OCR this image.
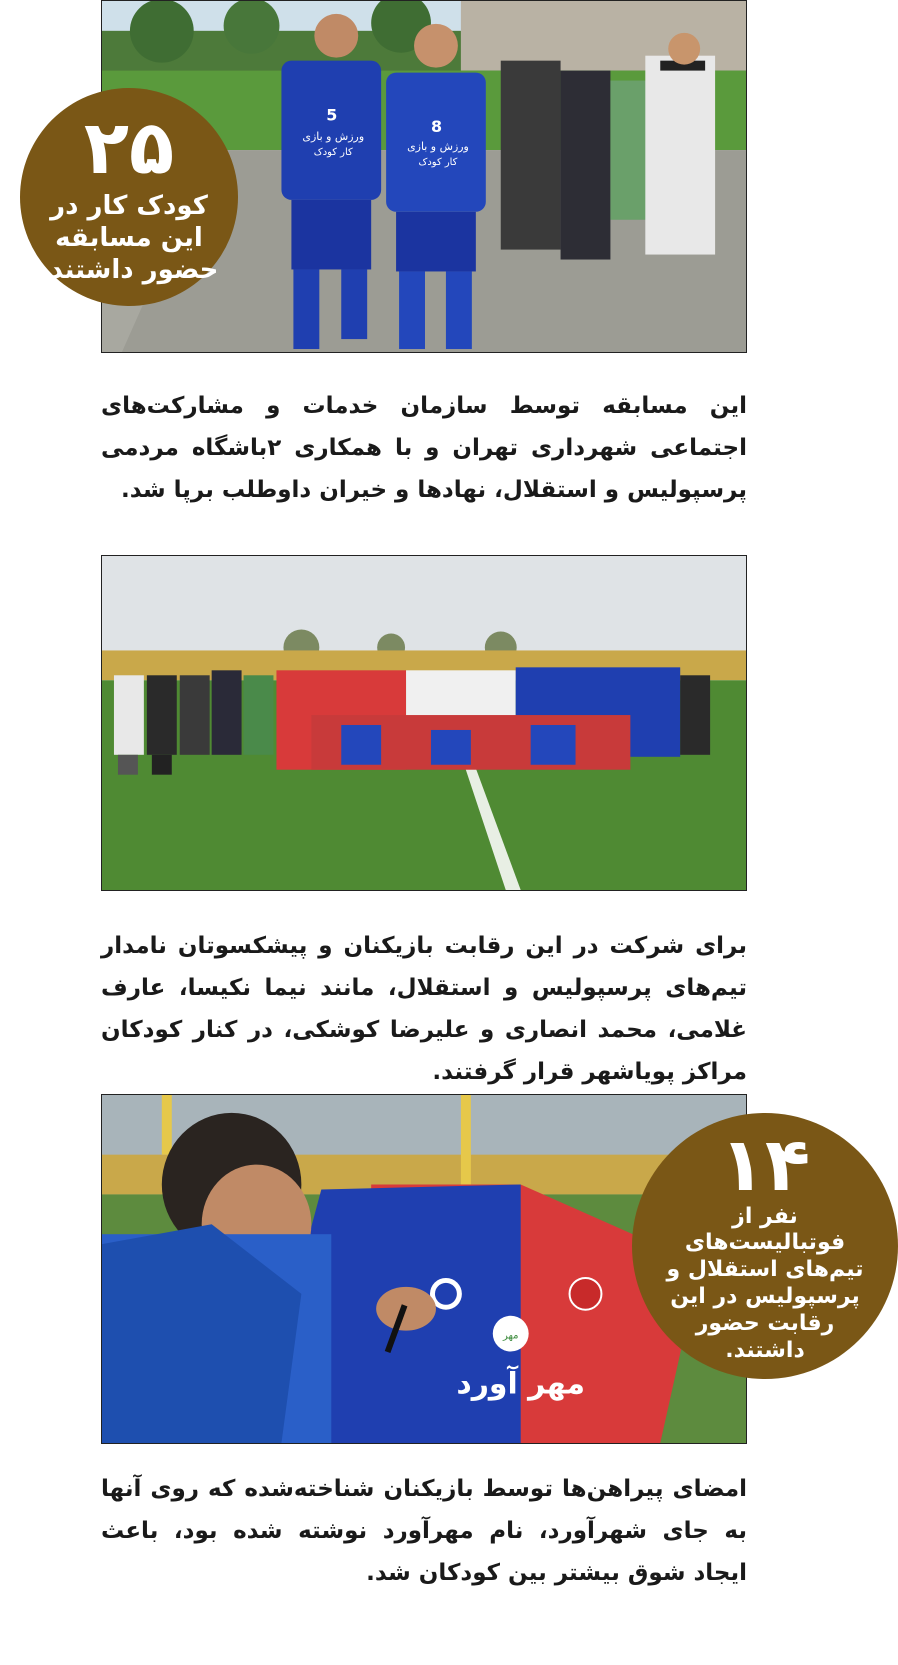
5
ورزش و بازی
کار کودک
8
ورزش و بازی
کار کودک
۲۵
کودک کار در این مسابقه حضور داشتند.
این مسابقه توسط سازمان خدمات و مشارکت‌های اجتماعی شهرداری تهران و با همکاری ۲باشگاه مردمی پرسپولیس و استقلال، نهادها و خیران داوطلب برپا شد.
برای شرکت در این رقابت بازیکنان و پیشکسوتان نامدار تیم‌های پرسپولیس و استقلال، مانند نیما نکیسا، عارف غلامی، محمد انصاری و علیرضا کوشکی، در کنار کودکان مراکز پویاشهر قرار گرفتند.
مهر
مهر آورد
۱۴
نفر از فوتبالیست‌های تیم‌های استقلال و پرسپولیس در این رقابت حضور داشتند.
امضای پیراهن‌ها توسط بازیکنان شناخته‌شده که روی آنها به جای شهرآورد، نام مهرآورد نوشته شده بود، باعث ایجاد شوق بیشتر بین کودکان شد.
